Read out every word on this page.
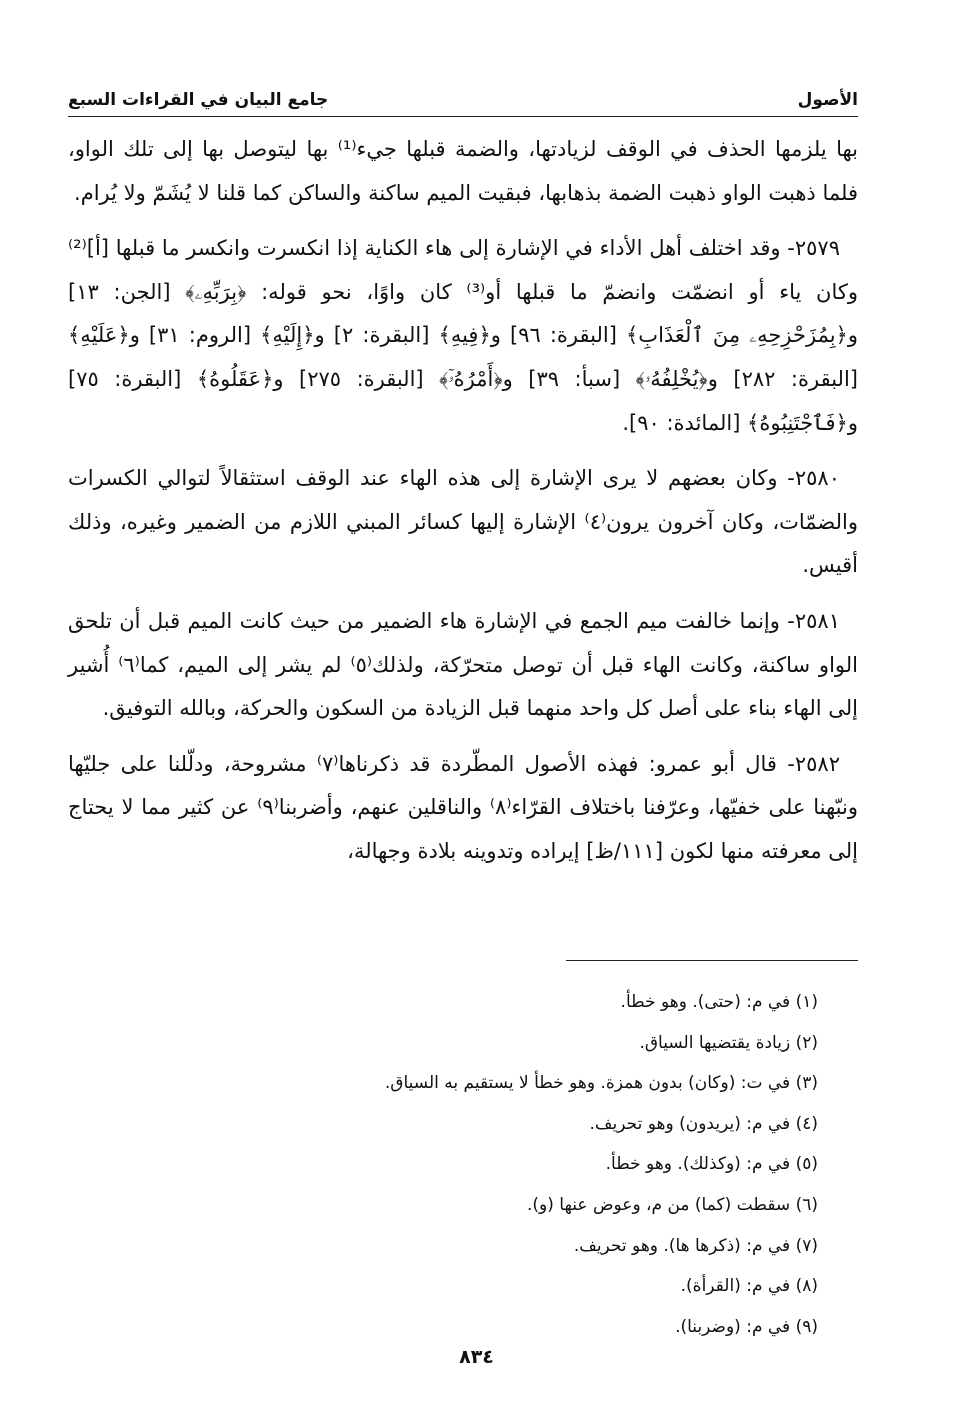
الأصول
جامع البيان في القراءات السبع

بها يلزمها الحذف في الوقف لزيادتها، والضمة قبلها جيء⁽¹⁾ بها ليتوصل بها إلى تلك الواو، فلما ذهبت الواو ذهبت الضمة بذهابها، فبقيت الميم ساكنة والساكن كما قلنا لا يُشَمّ ولا يُرام.

٢٥٧٩- وقد اختلف أهل الأداء في الإشارة إلى هاء الكناية إذا انكسرت وانكسر ما قبلها [أ]⁽²⁾ وكان ياء أو انضمّت وانضمّ ما قبلها أو⁽³⁾ كان واوًا، نحو قوله: ﴿بِرَبِّهِۦ﴾ [الجن: ١٣] و﴿بِمُزَحْزِحِهِۦ مِنَ ٱلْعَذَابِ﴾ [البقرة: ٩٦] و﴿فِيهِ﴾ [البقرة: ٢] و﴿إِلَيْهِ﴾ [الروم: ٣١] و﴿عَلَيْهِ﴾ [البقرة: ٢٨٢] و﴿يُخْلِفُهُۥ﴾ [سبأ: ٣٩] و﴿أَمْرُهُۥٓ﴾ [البقرة: ٢٧٥] و﴿عَقَلُوهُ﴾ [البقرة: ٧٥] و﴿فَٱجْتَنِبُوهُ﴾ [المائدة: ٩٠].

٢٥٨٠- وكان بعضهم لا يرى الإشارة إلى هذه الهاء عند الوقف استثقالاً لتوالي الكسرات والضمّات، وكان آخرون يرون⁽٤⁾ الإشارة إليها كسائر المبني اللازم من الضمير وغيره، وذلك أقيس.

٢٥٨١- وإنما خالفت ميم الجمع في الإشارة هاء الضمير من حيث كانت الميم قبل أن تلحق الواو ساكنة، وكانت الهاء قبل أن توصل متحرّكة، ولذلك⁽٥⁾ لم يشر إلى الميم، كما⁽٦⁾ أُشير إلى الهاء بناء على أصل كل واحد منهما قبل الزيادة من السكون والحركة، وبالله التوفيق.

٢٥٨٢- قال أبو عمرو: فهذه الأصول المطّردة قد ذكرناها⁽٧⁾ مشروحة، ودلّلنا على جليّها ونبّهنا على خفيّها، وعرّفنا باختلاف القرّاء⁽٨⁾ والناقلين عنهم، وأضربنا⁽٩⁾ عن كثير مما لا يحتاج إلى معرفته منها لكون [١١١/ظ] إيراده وتدوينه بلادة وجهالة،

(١) في م: (حتى). وهو خطأ.
(٢) زيادة يقتضيها السياق.
(٣) في ت: (وكان) بدون همزة. وهو خطأ لا يستقيم به السياق.
(٤) في م: (يريدون) وهو تحريف.
(٥) في م: (وكذلك). وهو خطأ.
(٦) سقطت (كما) من م، وعوض عنها (و).
(٧) في م: (ذكرها ها). وهو تحريف.
(٨) في م: (القرأة).
(٩) في م: (وضربنا).
٨٣٤
